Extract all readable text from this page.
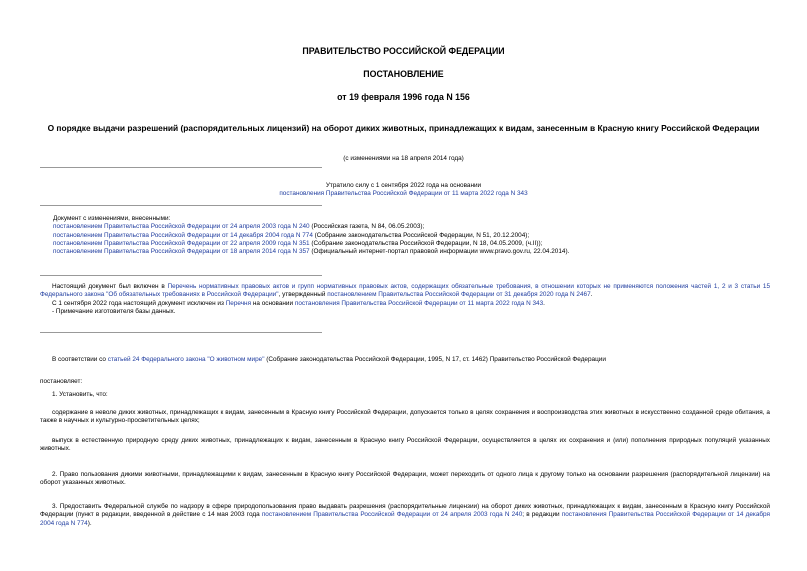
ПРАВИТЕЛЬСТВО РОССИЙСКОЙ ФЕДЕРАЦИИ
ПОСТАНОВЛЕНИЕ
от 19 февраля 1996 года N 156
О порядке выдачи разрешений (распорядительных лицензий) на оборот диких животных, принадлежащих к видам, занесенным в Красную книгу Российской Федерации
(с изменениями на 18 апреля 2014 года)
Утратило силу с 1 сентября 2022 года на основании
постановления Правительства Российской Федерации от 11 марта 2022 года N 343
Документ с изменениями, внесенными:
постановлением Правительства Российской Федерации от 24 апреля 2003 года N 240 (Российская газета, N 84, 06.05.2003);
постановлением Правительства Российской Федерации от 14 декабря 2004 года N 774 (Собрание законодательства Российской Федерации, N 51, 20.12.2004);
постановлением Правительства Российской Федерации от 22 апреля 2009 года N 351 (Собрание законодательства Российской Федерации, N 18, 04.05.2009, (ч.II));
постановлением Правительства Российской Федерации от 18 апреля 2014 года N 357 (Официальный интернет-портал правовой информации www.pravo.gov.ru, 22.04.2014).
Настоящий документ был включен в Перечень нормативных правовых актов и групп нормативных правовых актов, содержащих обязательные требования, в отношении которых не применяются положения частей 1, 2 и 3 статьи 15 Федерального закона "Об обязательных требованиях в Российской Федерации", утвержденный постановлением Правительства Российской Федерации от 31 декабря 2020 года N 2467.
С 1 сентября 2022 года настоящий документ исключен из Перечня на основании постановления Правительства Российской Федерации от 11 марта 2022 года N 343.
- Примечание изготовителя базы данных.
В соответствии со статьей 24 Федерального закона "О животном мире" (Собрание законодательства Российской Федерации, 1995, N 17, ст. 1462) Правительство Российской Федерации
постановляет:
1. Установить, что:
содержание в неволе диких животных, принадлежащих к видам, занесенным в Красную книгу Российской Федерации, допускается только в целях сохранения и воспроизводства этих животных в искусственно созданной среде обитания, а также в научных и культурно-просветительных целях;
выпуск в естественную природную среду диких животных, принадлежащих к видам, занесенным в Красную книгу Российской Федерации, осуществляется в целях их сохранения и (или) пополнения природных популяций указанных животных.
2. Право пользования дикими животными, принадлежащими к видам, занесенным в Красную книгу Российской Федерации, может переходить от одного лица к другому только на основании разрешения (распорядительной лицензии) на оборот указанных животных.
3. Предоставить Федеральной службе по надзору в сфере природопользования право выдавать разрешения (распорядительные лицензии) на оборот диких животных, принадлежащих к видам, занесенным в Красную книгу Российской Федерации (пункт в редакции, введенной в действие с 14 мая 2003 года постановлением Правительства Российской Федерации от 24 апреля 2003 года N 240; в редакции постановления Правительства Российской Федерации от 14 декабря 2004 года N 774).
